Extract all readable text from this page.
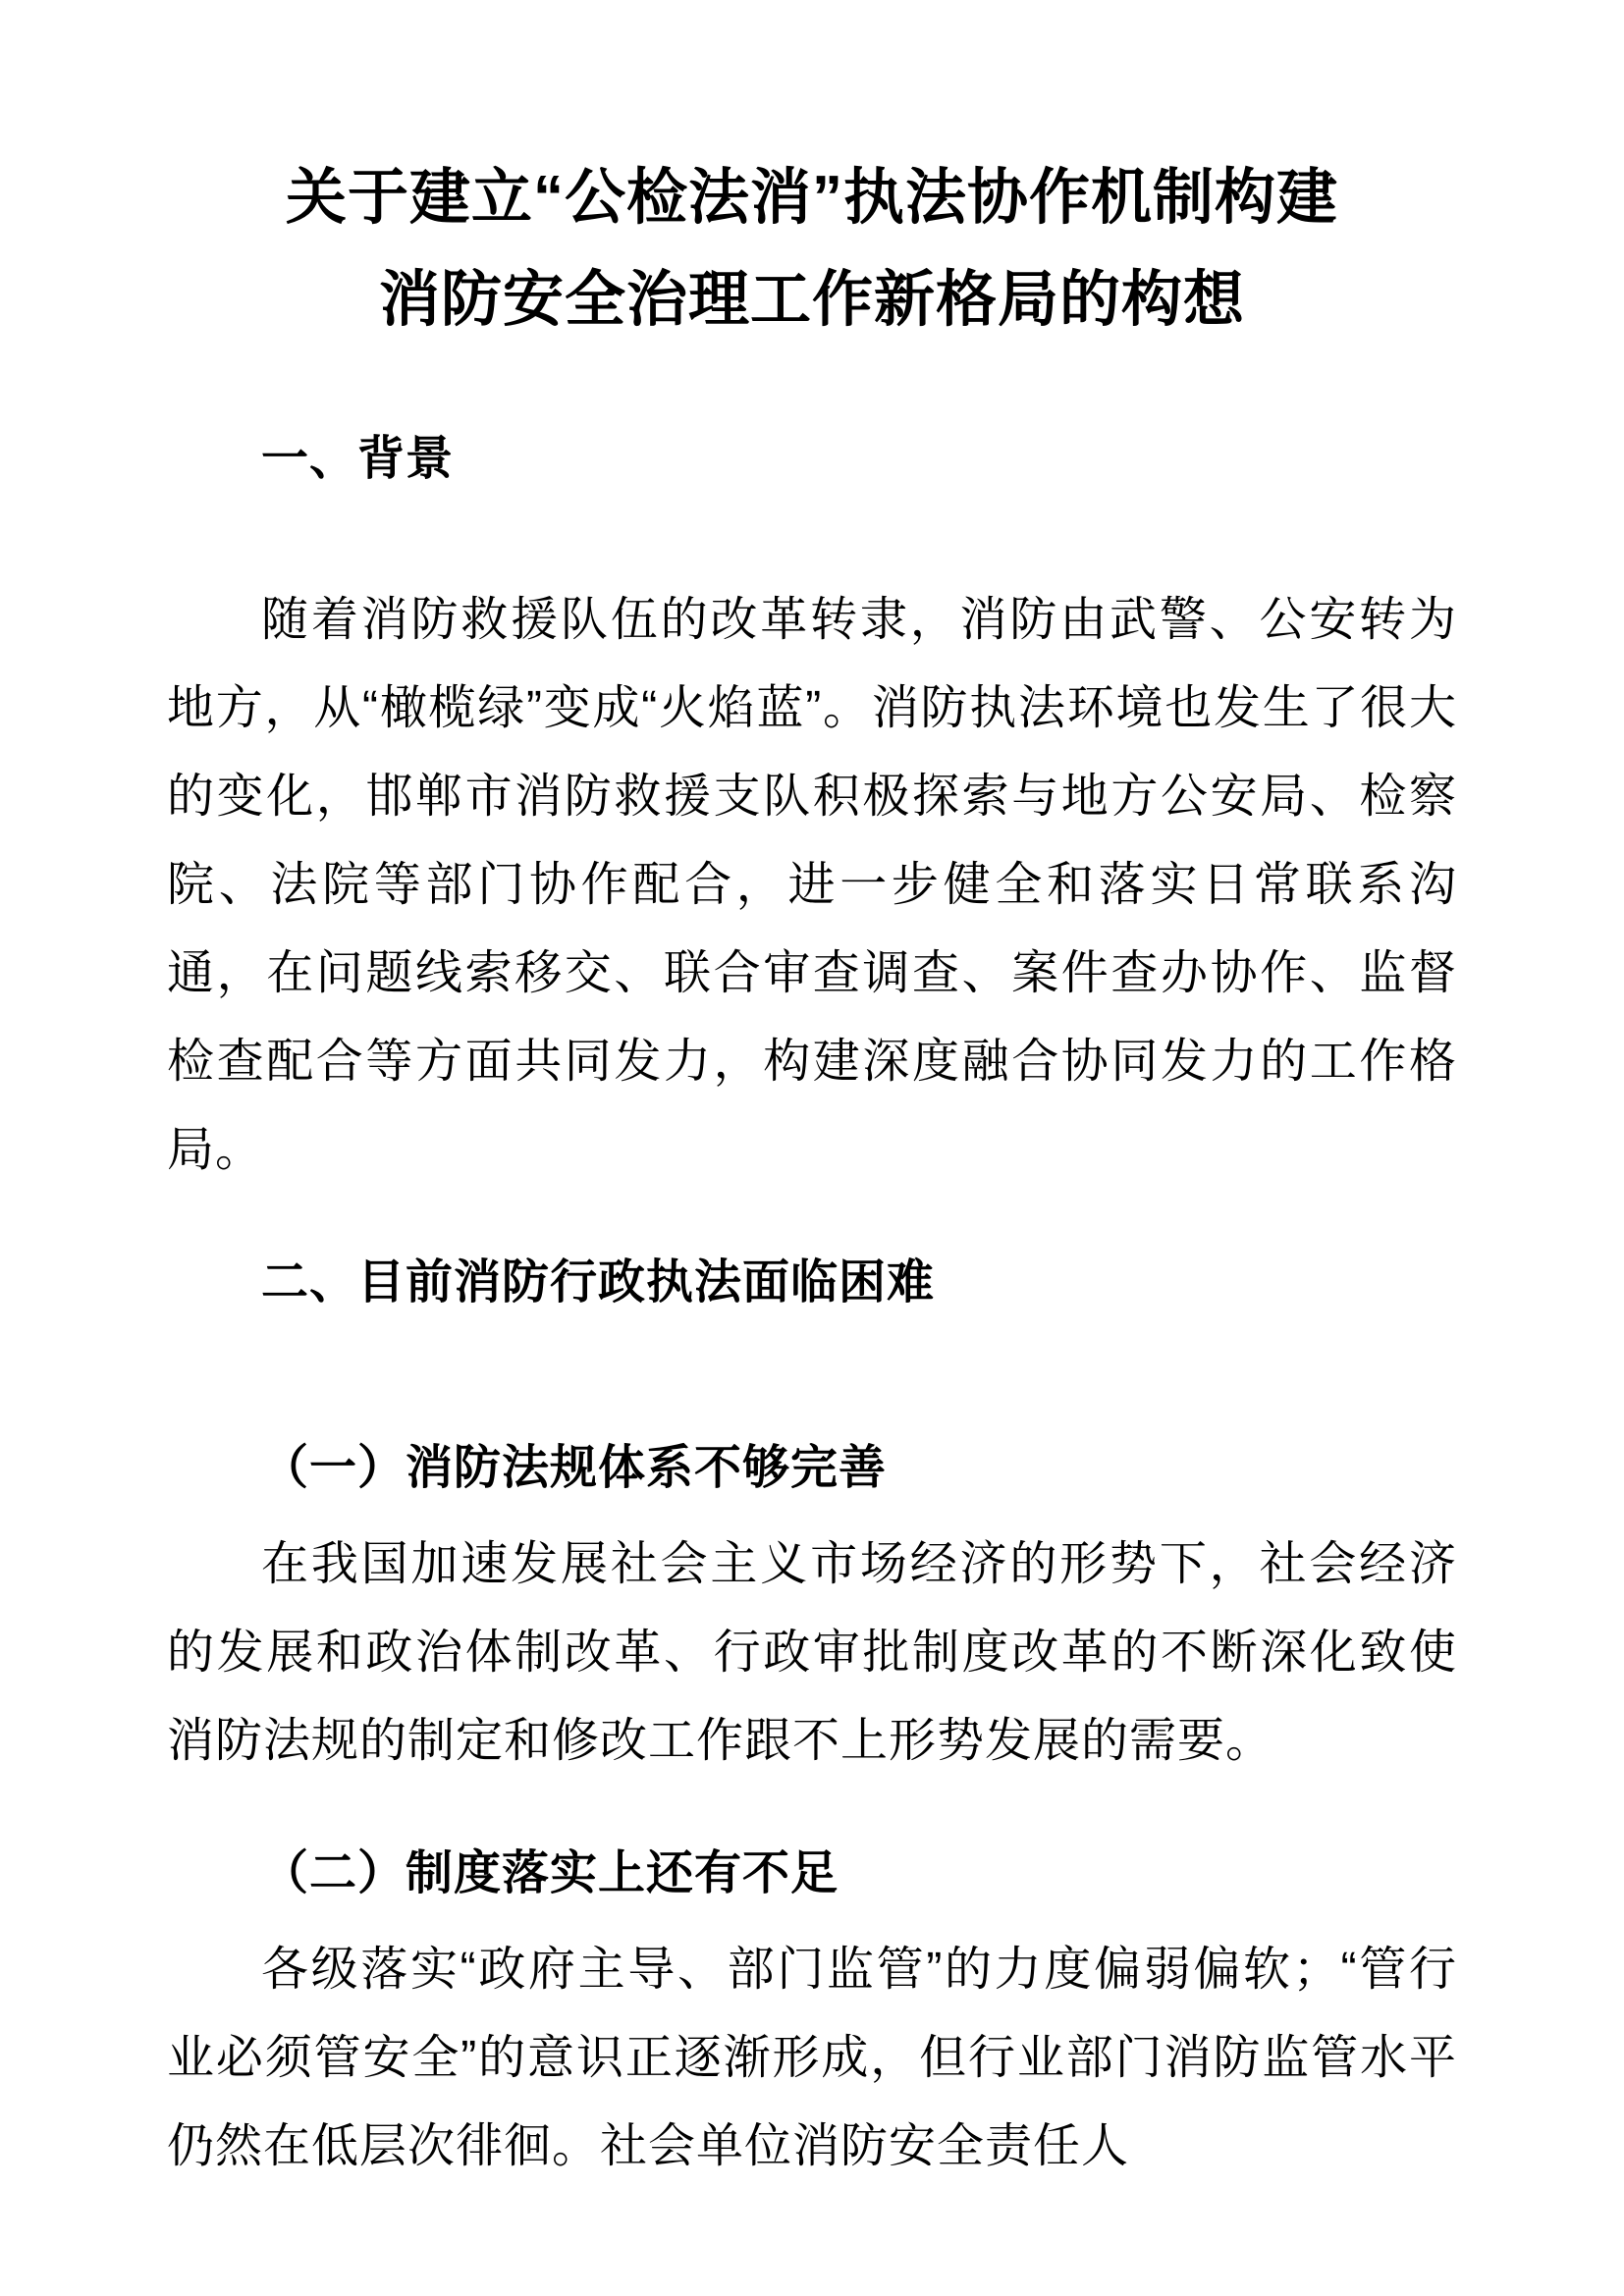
关于建立“公检法消”执法协作机制构建
消防安全治理工作新格局的构想
一、背景

随着消防救援队伍的改革转隶，消防由武警、公安转为地方，从“橄榄绿”变成“火焰蓝”。消防执法环境也发生了很大的变化，邯郸市消防救援支队积极探索与地方公安局、检察院、法院等部门协作配合，进一步健全和落实日常联系沟通，在问题线索移交、联合审查调查、案件查办协作、监督检查配合等方面共同发力，构建深度融合协同发力的工作格局。

二、目前消防行政执法面临困难
（一）消防法规体系不够完善

在我国加速发展社会主义市场经济的形势下，社会经济的发展和政治体制改革、行政审批制度改革的不断深化致使消防法规的制定和修改工作跟不上形势发展的需要。

（二）制度落实上还有不足

各级落实“政府主导、部门监管”的力度偏弱偏软；“管行业必须管安全”的意识正逐渐形成，但行业部门消防监管水平仍然在低层次徘徊。社会单位消防安全责任人
